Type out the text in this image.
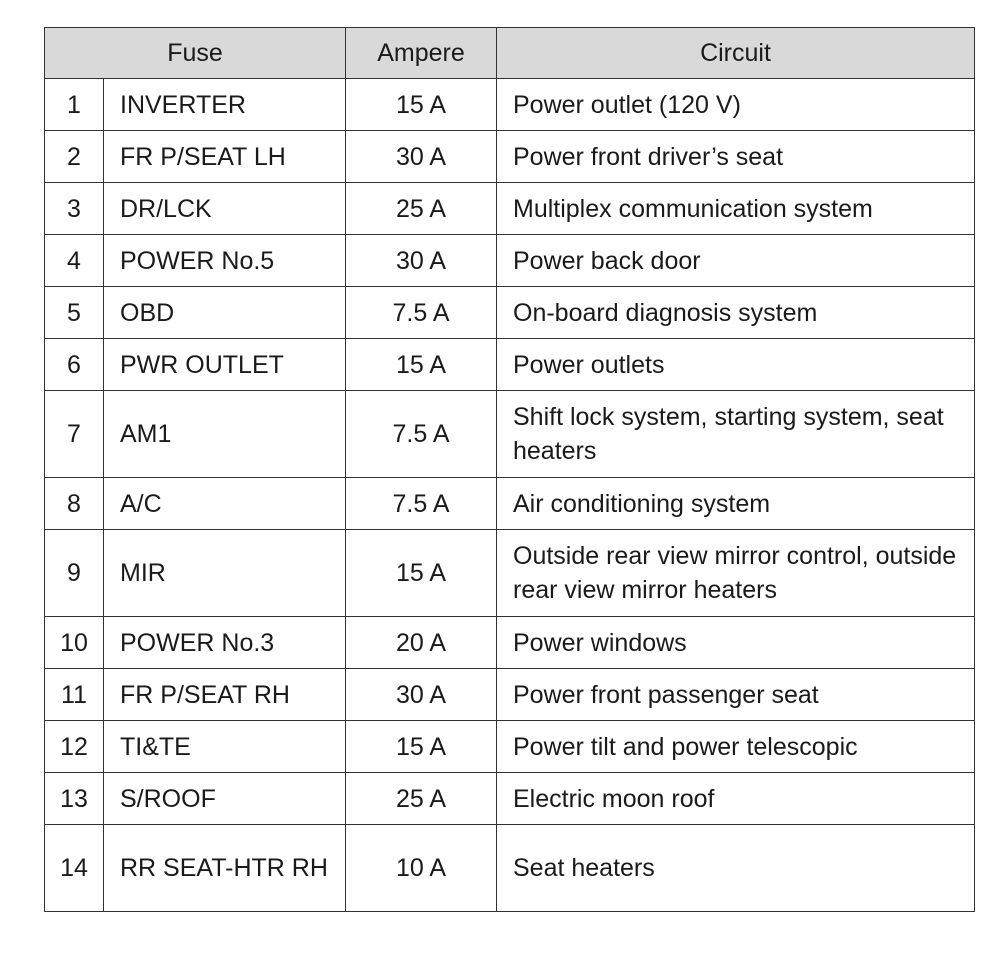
Fuse		Ampere	Circuit
1	INVERTER	15 A	Power outlet (120 V)
2	FR P/SEAT LH	30 A	Power front driver’s seat
3	DR/LCK	25 A	Multiplex communication system
4	POWER No.5	30 A	Power back door
5	OBD	7.5 A	On-board diagnosis system
6	PWR OUTLET	15 A	Power outlets
7	AM1	7.5 A	Shift lock system, starting system, seat heaters
8	A/C	7.5 A	Air conditioning system
9	MIR	15 A	Outside rear view mirror control, outside rear view mirror heaters
10	POWER No.3	20 A	Power windows
11	FR P/SEAT RH	30 A	Power front passenger seat
12	TI&TE	15 A	Power tilt and power telescopic
13	S/ROOF	25 A	Electric moon roof
14	RR SEAT-HTR RH	10 A	Seat heaters
